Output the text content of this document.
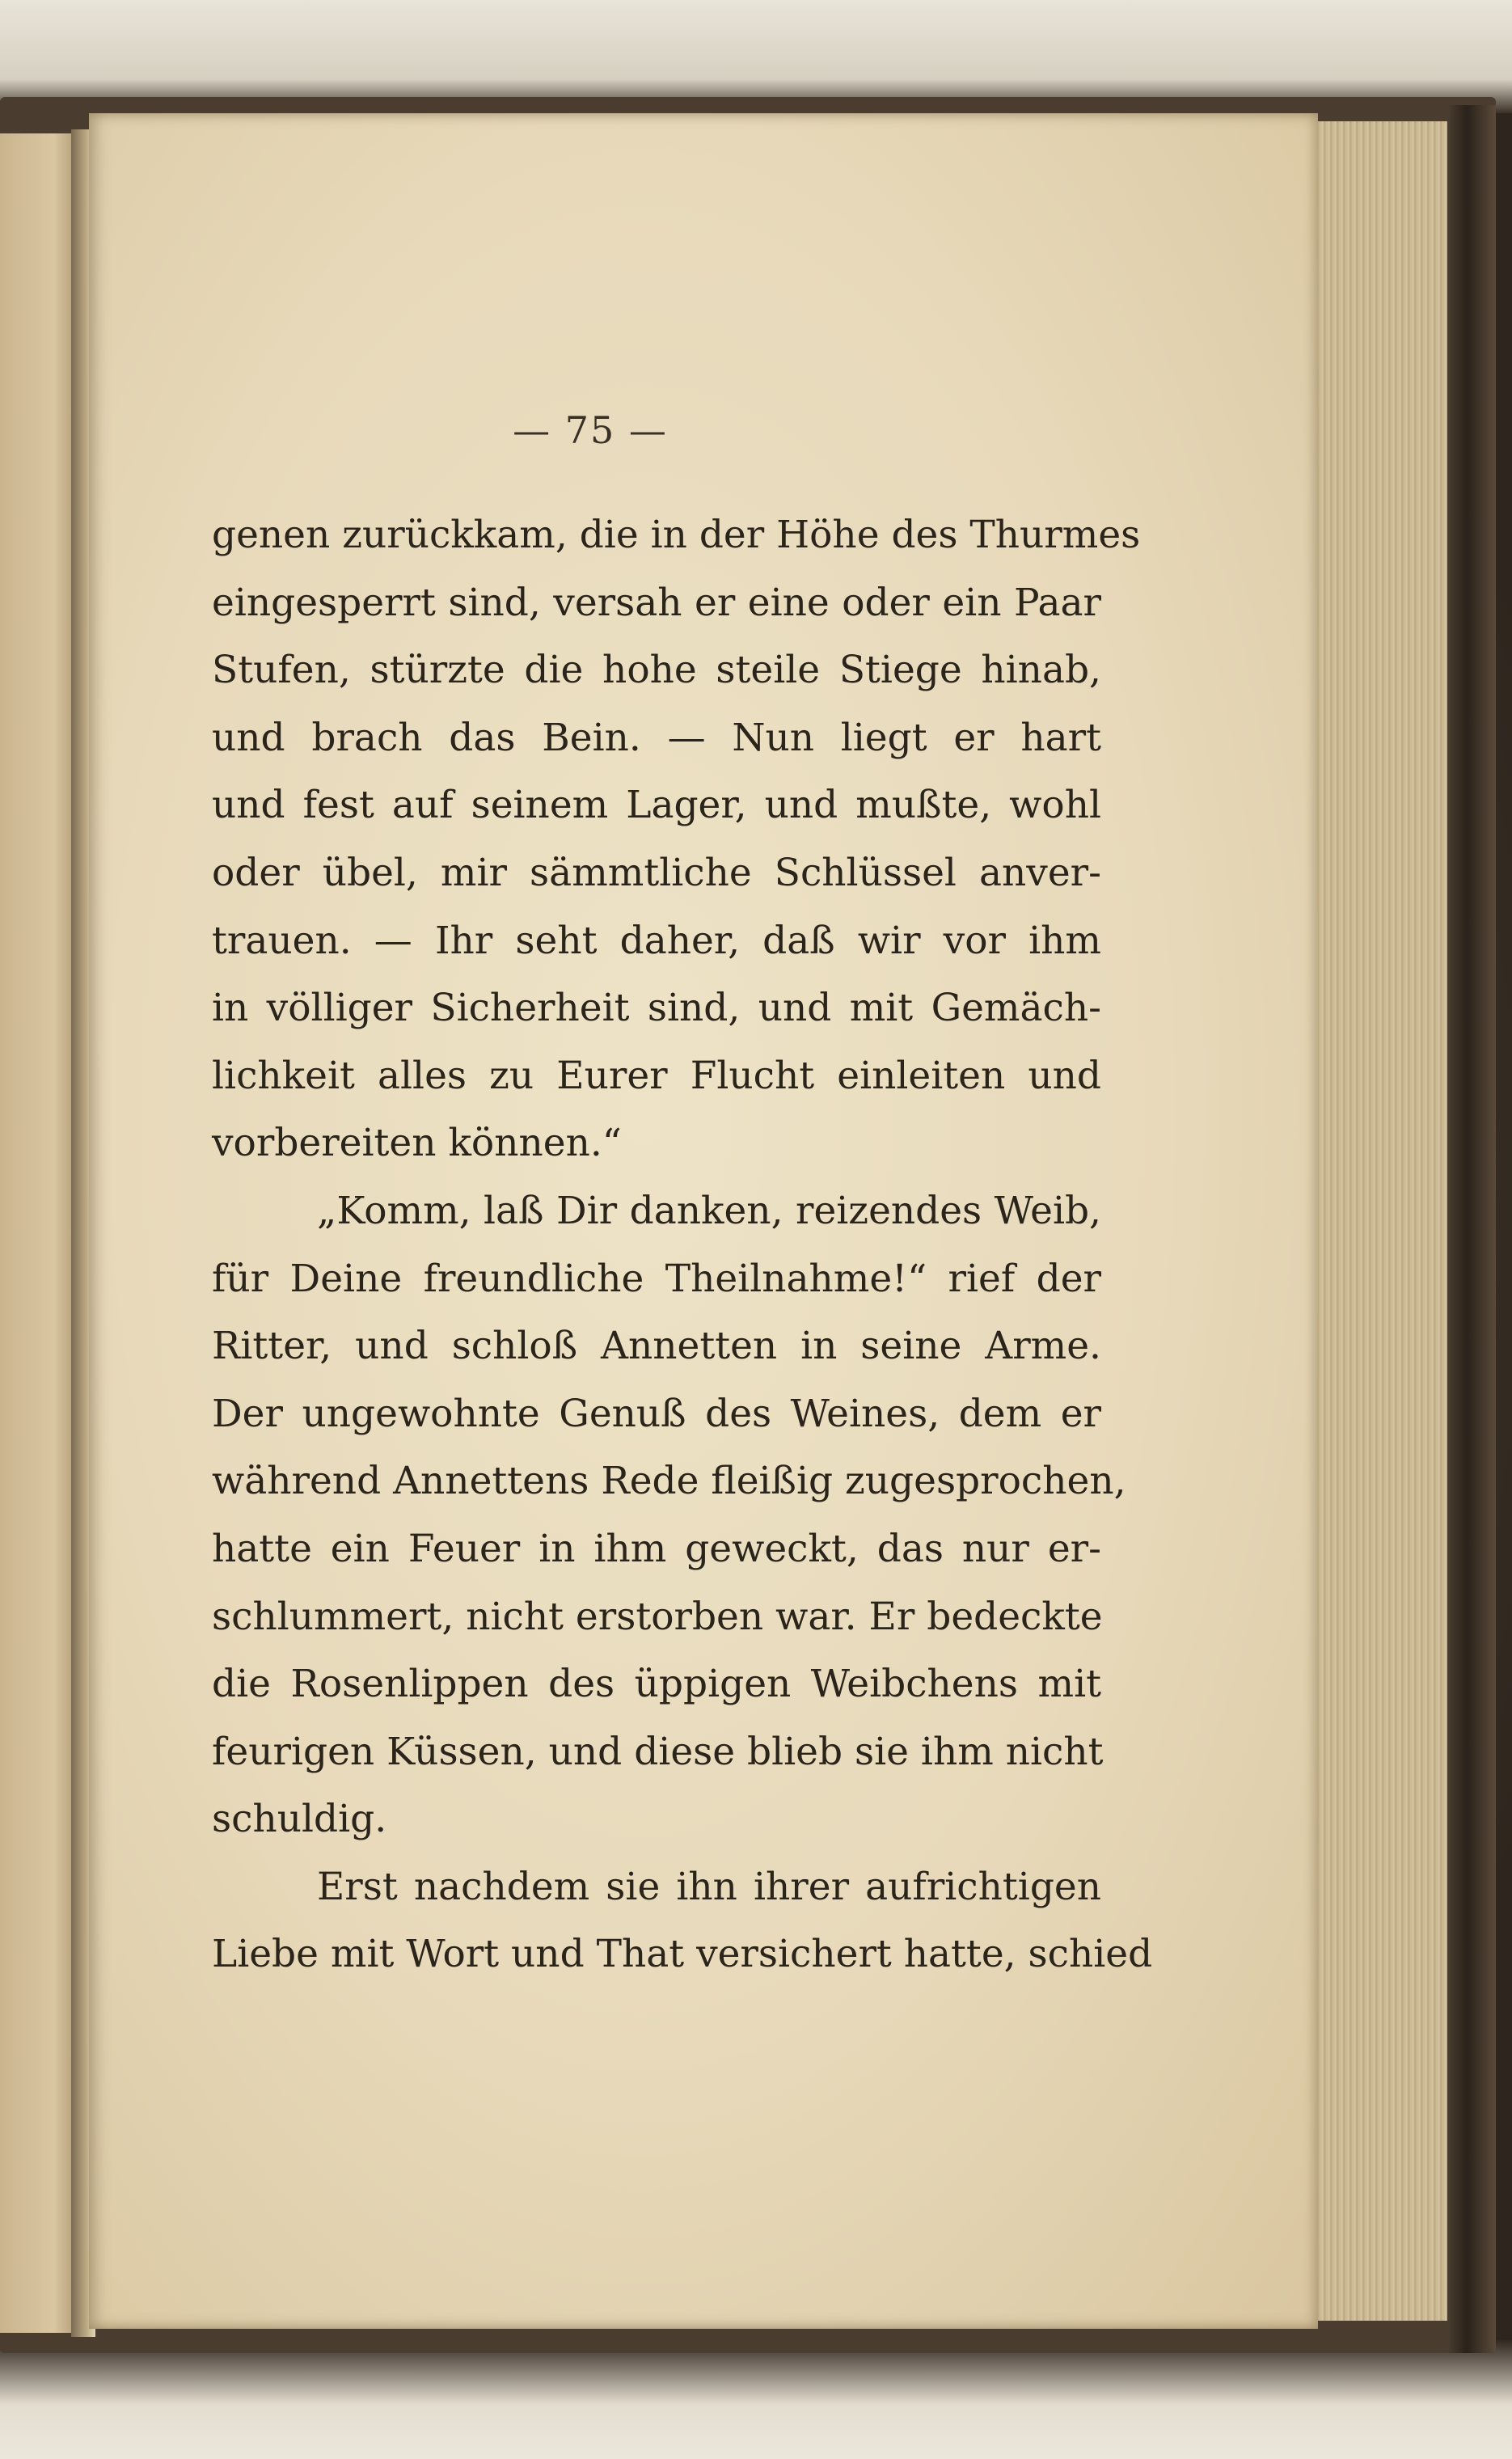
— 75 —
genen zurückkam, die in der Höhe des Thurmes
eingesperrt sind, versah er eine oder ein Paar
Stufen, stürzte die hohe steile Stiege hinab,
und brach das Bein. — Nun liegt er hart
und fest auf seinem Lager, und mußte, wohl
oder übel, mir sämmtliche Schlüssel anver-
trauen. — Ihr seht daher, daß wir vor ihm
in völliger Sicherheit sind, und mit Gemäch-
lichkeit alles zu Eurer Flucht einleiten und
vorbereiten können.“
„Komm, laß Dir danken, reizendes Weib,
für Deine freundliche Theilnahme!“ rief der
Ritter, und schloß Annetten in seine Arme.
Der ungewohnte Genuß des Weines, dem er
während Annettens Rede fleißig zugesprochen,
hatte ein Feuer in ihm geweckt, das nur er-
schlummert, nicht erstorben war. Er bedeckte
die Rosenlippen des üppigen Weibchens mit
feurigen Küssen, und diese blieb sie ihm nicht
schuldig.
Erst nachdem sie ihn ihrer aufrichtigen
Liebe mit Wort und That versichert hatte, schied
